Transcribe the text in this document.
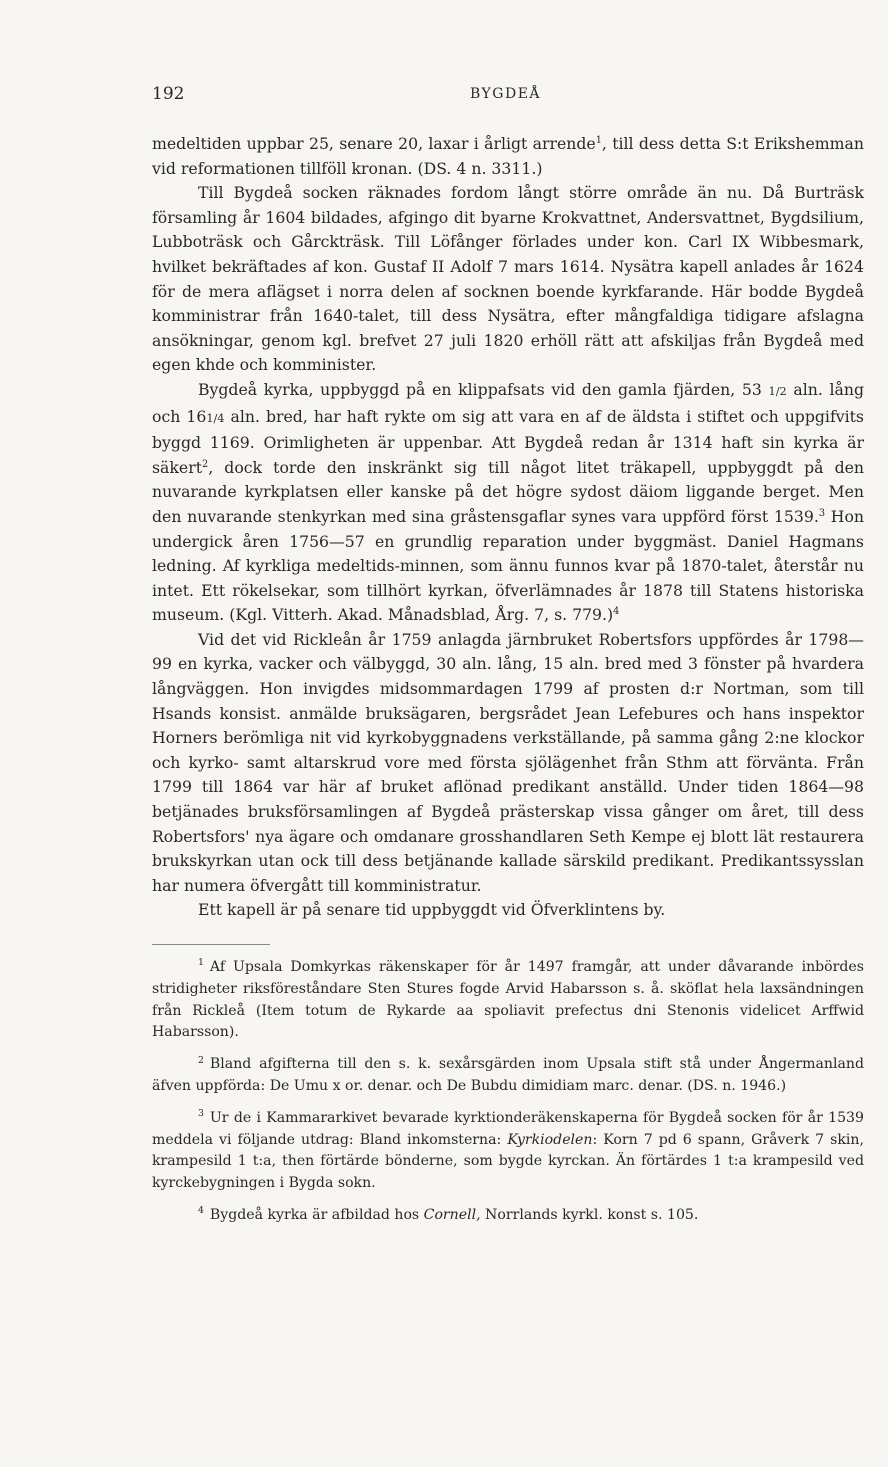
192	BYGDEÅ

medeltiden uppbar 25, senare 20, laxar i årligt arrende$^1$, till dess detta S:t Erikshemman vid reformationen tillföll kronan. (DS. 4 n. 3311.)

Till Bygdeå socken räknades fordom långt större område än nu. Då Burträsk församling år 1604 bildades, afgingo dit byarne Krokvattnet, Andersvattnet, Bygdsilium, Lubboträsk och Gårckträsk. Till Löfånger förlades under kon. Carl IX Wibbesmark, hvilket bekräftades af kon. Gustaf II Adolf 7 mars 1614. Nysätra kapell anlades år 1624 för de mera aflägset i norra delen af socknen boende kyrkfarande. Här bodde Bygdeå komministrar från 1640-talet, till dess Nysätra, efter mångfaldiga tidigare afslagna ansökningar, genom kgl. brefvet 27 juli 1820 erhöll rätt att afskiljas från Bygdeå med egen khde och komminister.

Bygdeå kyrka, uppbyggd på en klippafsats vid den gamla fjärden, 53 1/2 aln. lång och 161/4 aln. bred, har haft rykte om sig att vara en af de äldsta i stiftet och uppgifvits byggd 1169. Orimligheten är uppenbar. Att Bygdeå redan år 1314 haft sin kyrka är säkert$^2$, dock torde den inskränkt sig till något litet träkapell, uppbyggdt på den nuvarande kyrkplatsen eller kanske på det högre sydost däiom liggande berget. Men den nuvarande stenkyrkan med sina gråstensgaflar synes vara uppförd först 1539.$^3$ Hon undergick åren 1756—57 en grundlig reparation under byggmäst. Daniel Hagmans ledning. Af kyrkliga medeltids-minnen, som ännu funnos kvar på 1870-talet, återstår nu intet. Ett rökelsekar, som tillhört kyrkan, öfverlämnades år 1878 till Statens historiska museum. (Kgl. Vitterh. Akad. Månadsblad, Årg. 7, s. 779.)$^4$

Vid det vid Rickleån år 1759 anlagda järnbruket Robertsfors uppfördes år 1798—99 en kyrka, vacker och välbyggd, 30 aln. lång, 15 aln. bred med 3 fönster på hvardera långväggen. Hon invigdes midsommardagen 1799 af prosten d:r Nortman, som till Hsands konsist. anmälde bruksägaren, bergsrådet Jean Lefebures och hans inspektor Horners berömliga nit vid kyrkobyggnadens verkställande, på samma gång 2:ne klockor och kyrko- samt altarskrud vore med första sjölägenhet från Sthm att förvänta. Från 1799 till 1864 var här af bruket aflönad predikant anställd. Under tiden 1864—98 betjänades bruksförsamlingen af Bygdeå prästerskap vissa gånger om året, till dess Robertsfors' nya ägare och omdanare grosshandlaren Seth Kempe ej blott lät restaurera brukskyrkan utan ock till dess betjänande kallade särskild predikant. Predikantssysslan har numera öfvergått till komministratur.

Ett kapell är på senare tid uppbyggdt vid Öfverklintens by.

$^1$ Af Upsala Domkyrkas räkenskaper för år 1497 framgår, att under dåvarande inbördes stridigheter riksföreståndare Sten Stures fogde Arvid Habarsson s. å. sköflat hela laxsändningen från Rickleå (Item totum de Rykarde aa spoliavit prefectus dni Stenonis videlicet Arffwid Habarsson).

$^2$ Bland afgifterna till den s. k. sexårsgärden inom Upsala stift stå under Ångermanland äfven uppförda: De Umu x or. denar. och De Bubdu dimidiam marc. denar. (DS. n. 1946.)

$^3$ Ur de i Kammararkivet bevarade kyrktionderäkenskaperna för Bygdeå socken för år 1539 meddela vi följande utdrag: Bland inkomsterna: Kyrkiodelen: Korn 7 pd 6 spann, Gråverk 7 skin, krampesild 1 t:a, then förtärde bönderne, som bygde kyrckan. Än förtärdes 1 t:a krampesild ved kyrckebygningen i Bygda sokn.

$^4$ Bygdeå kyrka är afbildad hos Cornell, Norrlands kyrkl. konst s. 105.
